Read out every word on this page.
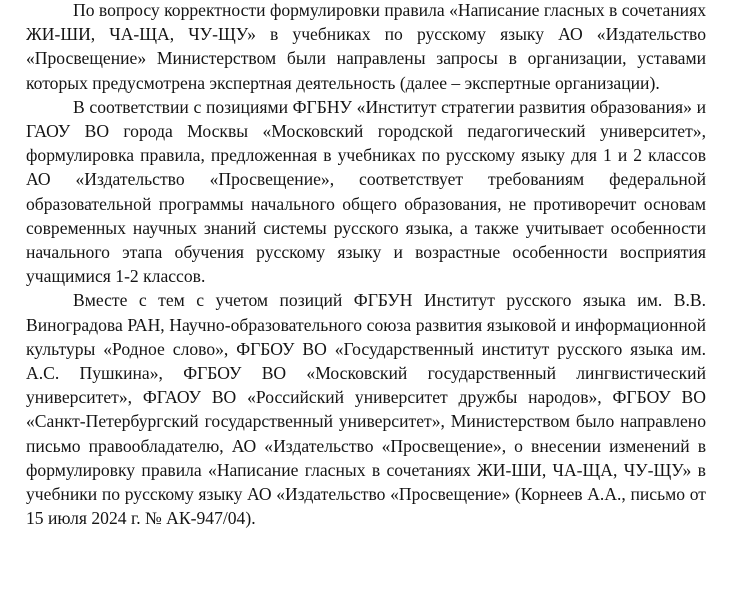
По вопросу корректности формулировки правила «Написание гласных в сочетаниях ЖИ-ШИ, ЧА-ЩА, ЧУ-ЩУ» в учебниках по русскому языку АО «Издательство «Просвещение» Министерством были направлены запросы в организации, уставами которых предусмотрена экспертная деятельность (далее – экспертные организации).

В соответствии с позициями ФГБНУ «Институт стратегии развития образования» и ГАОУ ВО города Москвы «Московский городской педагогический университет», формулировка правила, предложенная в учебниках по русскому языку для 1 и 2 классов АО «Издательство «Просвещение», соответствует требованиям федеральной образовательной программы начального общего образования, не противоречит основам современных научных знаний системы русского языка, а также учитывает особенности начального этапа обучения русскому языку и возрастные особенности восприятия учащимися 1-2 классов.

Вместе с тем с учетом позиций ФГБУН Институт русского языка им. В.В. Виноградова РАН, Научно-образовательного союза развития языковой и информационной культуры «Родное слово», ФГБОУ ВО «Государственный институт русского языка им. А.С. Пушкина», ФГБОУ ВО «Московский государственный лингвистический университет», ФГАОУ ВО «Российский университет дружбы народов», ФГБОУ ВО «Санкт-Петербургский государственный университет», Министерством было направлено письмо правообладателю, АО «Издательство «Просвещение», о внесении изменений в формулировку правила «Написание гласных в сочетаниях ЖИ-ШИ, ЧА-ЩА, ЧУ-ЩУ» в учебники по русскому языку АО «Издательство «Просвещение» (Корнеев А.А., письмо от 15 июля 2024 г. № АК-947/04).
